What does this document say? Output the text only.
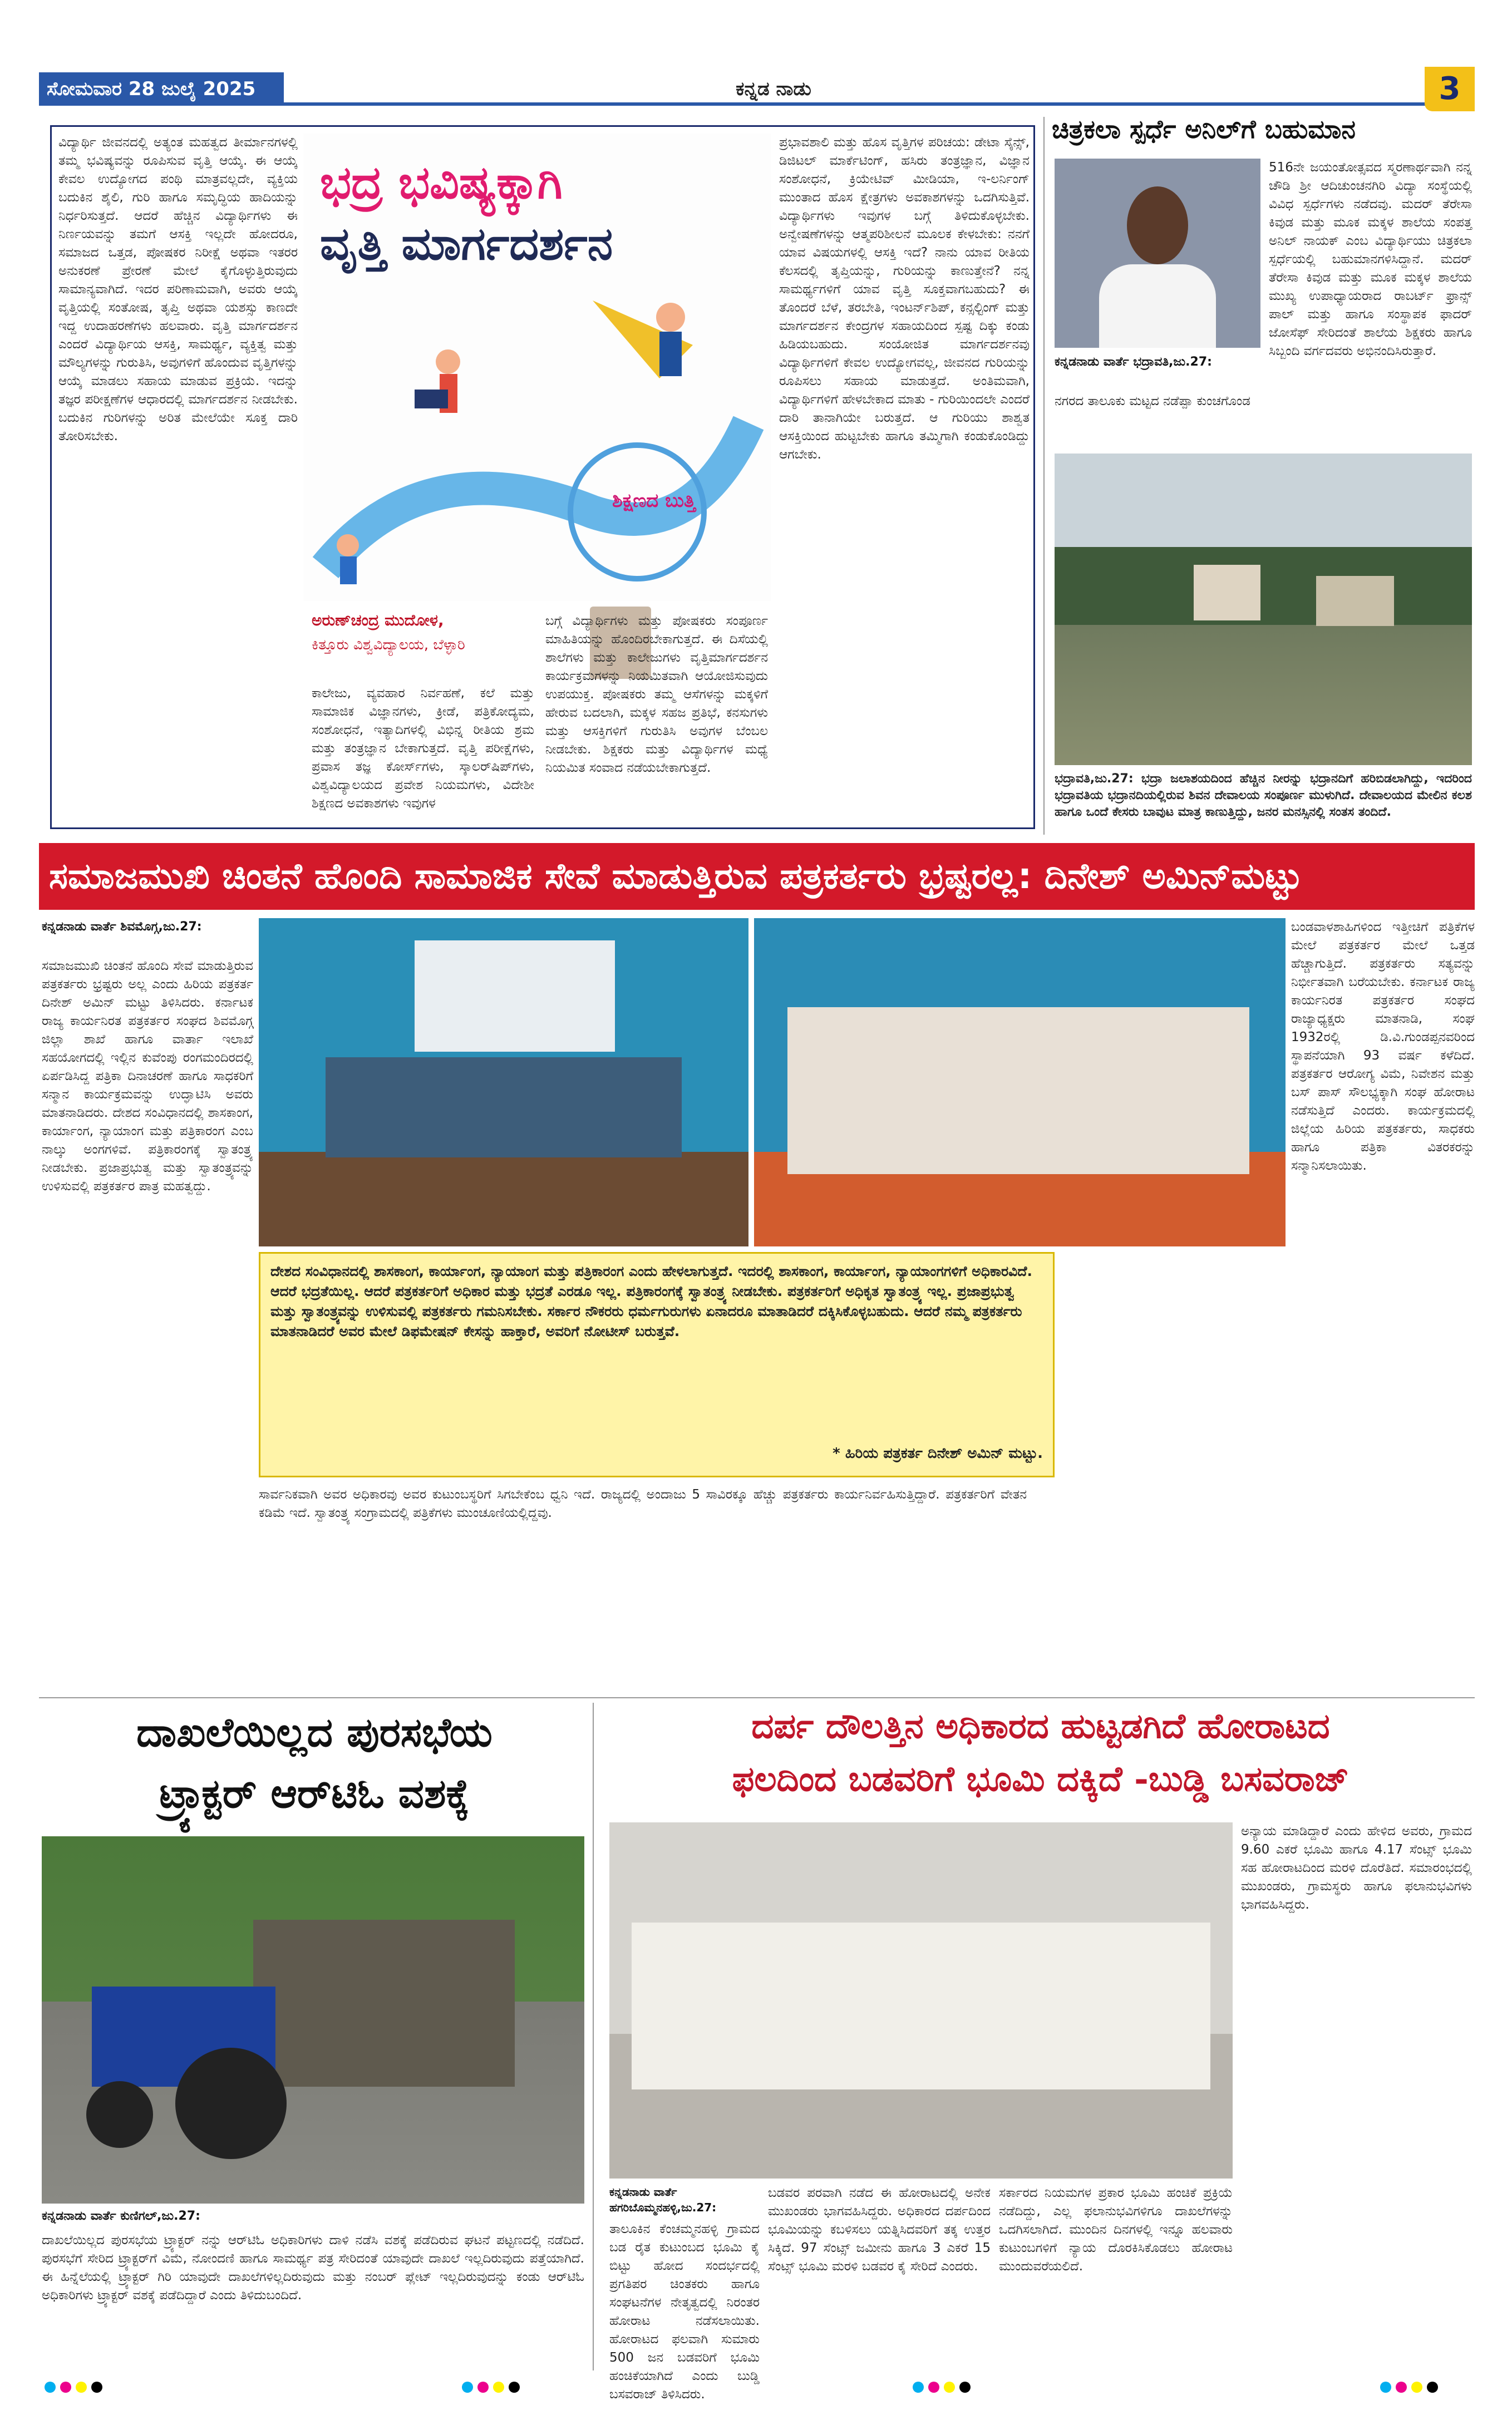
ಸೋಮವಾರ 28 ಜುಲೈ 2025	ಕನ್ನಡ ನಾಡು	3
ವಿದ್ಯಾರ್ಥಿ ಜೀವನದಲ್ಲಿ ಅತ್ಯಂತ ಮಹತ್ವದ ತೀರ್ಮಾನಗಳಲ್ಲಿ ತಮ್ಮ ಭವಿಷ್ಯವನ್ನು ರೂಪಿಸುವ ವೃತ್ತಿ ಆಯ್ಕೆ. ಈ ಆಯ್ಕೆ ಕೇವಲ ಉದ್ಯೋಗದ ಪಂಥಿ ಮಾತ್ರವಲ್ಲದೇ, ವ್ಯಕ್ತಿಯ ಬದುಕಿನ ಶೈಲಿ, ಗುರಿ ಹಾಗೂ ಸಮೃದ್ಧಿಯ ಹಾದಿಯನ್ನು ನಿರ್ಧರಿಸುತ್ತದೆ. ಆದರೆ ಹೆಚ್ಚಿನ ವಿದ್ಯಾರ್ಥಿಗಳು ಈ ನಿರ್ಣಯವನ್ನು ತಮಗೆ ಆಸಕ್ತಿ ಇಲ್ಲದೇ ಹೋದರೂ, ಸಮಾಜದ ಒತ್ತಡ, ಪೋಷಕರ ನಿರೀಕ್ಷೆ ಅಥವಾ ಇತರರ ಅನುಕರಣೆ ಪ್ರೇರಣೆ ಮೇಲೆ ಕೈಗೊಳ್ಳುತ್ತಿರುವುದು ಸಾಮಾನ್ಯವಾಗಿದೆ. ಇದರ ಪರಿಣಾಮವಾಗಿ, ಅವರು ಆಯ್ಕೆ ವೃತ್ತಿಯಲ್ಲಿ ಸಂತೋಷ, ತೃಪ್ತಿ ಅಥವಾ ಯಶಸ್ಸು ಕಾಣದೇ ಇದ್ದ ಉದಾಹರಣೆಗಳು ಹಲವಾರು. ವೃತ್ತಿ ಮಾರ್ಗದರ್ಶನ ಎಂದರೆ ವಿದ್ಯಾರ್ಥಿಯ ಆಸಕ್ತಿ, ಸಾಮರ್ಥ್ಯ, ವ್ಯಕ್ತಿತ್ವ ಮತ್ತು ಮೌಲ್ಯಗಳನ್ನು ಗುರುತಿಸಿ, ಅವುಗಳಿಗೆ ಹೊಂದುವ ವೃತ್ತಿಗಳನ್ನು ಆಯ್ಕೆ ಮಾಡಲು ಸಹಾಯ ಮಾಡುವ ಪ್ರಕ್ರಿಯೆ. ಇದನ್ನು ತಜ್ಞರ ಪರೀಕ್ಷಣೆಗಳ ಆಧಾರದಲ್ಲಿ ಮಾರ್ಗದರ್ಶನ ನೀಡಬೇಕು. ಬದುಕಿನ ಗುರಿಗಳನ್ನು ಅರಿತ ಮೇಲೆಯೇ ಸೂಕ್ತ ದಾರಿ ತೋರಿಸಬೇಕು.
ಭದ್ರ ಭವಿಷ್ಯಕ್ಕಾಗಿ
ವೃತ್ತಿ ಮಾರ್ಗದರ್ಶನ
ಶಿಕ್ಷಣದ ಬುತ್ತಿ
ಅರುಣ್‌ಚಂದ್ರ ಮುದೋಳ,
ಕಿತ್ತೂರು ವಿಶ್ವವಿದ್ಯಾಲಯ, ಬೆಳ್ಳಾರಿ
ಕಾಲೇಜು, ವ್ಯವಹಾರ ನಿರ್ವಹಣೆ, ಕಲೆ ಮತ್ತು ಸಾಮಾಜಿಕ ವಿಜ್ಞಾನಗಳು, ಕ್ರೀಡೆ, ಪತ್ರಿಕೋದ್ಯಮ, ಸಂಶೋಧನೆ, ಇತ್ಯಾದಿಗಳಲ್ಲಿ ವಿಭಿನ್ನ ರೀತಿಯ ಶ್ರಮ ಮತ್ತು ತಂತ್ರಜ್ಞಾನ ಬೇಕಾಗುತ್ತದೆ. ವೃತ್ತಿ ಪರೀಕ್ಷೆಗಳು, ಪ್ರವಾಸ ತಜ್ಞ ಕೋರ್ಸ್‌ಗಳು, ಸ್ಕಾಲರ್‌ಷಿಪ್‌ಗಳು, ವಿಶ್ವವಿದ್ಯಾಲಯದ ಪ್ರವೇಶ ನಿಯಮಗಳು, ವಿದೇಶೀ ಶಿಕ್ಷಣದ ಅವಕಾಶಗಳು ಇವುಗಳ
ಬಗ್ಗೆ ವಿದ್ಯಾರ್ಥಿಗಳು ಮತ್ತು ಪೋಷಕರು ಸಂಪೂರ್ಣ ಮಾಹಿತಿಯನ್ನು ಹೊಂದಿರಬೇಕಾಗುತ್ತದೆ. ಈ ದಿಸೆಯಲ್ಲಿ ಶಾಲೆಗಳು ಮತ್ತು ಕಾಲೇಜುಗಳು ವೃತ್ತಿಮಾರ್ಗದರ್ಶನ ಕಾರ್ಯಕ್ರಮಗಳನ್ನು ನಿಯಮಿತವಾಗಿ ಆಯೋಜಿಸುವುದು ಉಪಯುಕ್ತ. ಪೋಷಕರು ತಮ್ಮ ಆಸೆಗಳನ್ನು ಮಕ್ಕಳಿಗೆ ಹೇರುವ ಬದಲಾಗಿ, ಮಕ್ಕಳ ಸಹಜ ಪ್ರತಿಭೆ, ಕನಸುಗಳು ಮತ್ತು ಆಸಕ್ತಿಗಳಿಗೆ ಗುರುತಿಸಿ ಅವುಗಳ ಬೆಂಬಲ ನೀಡಬೇಕು. ಶಿಕ್ಷಕರು ಮತ್ತು ವಿದ್ಯಾರ್ಥಿಗಳ ಮಧ್ಯೆ ನಿಯಮಿತ ಸಂವಾದ ನಡೆಯಬೇಕಾಗುತ್ತದೆ.
ಪ್ರಭಾವಶಾಲಿ ಮತ್ತು ಹೊಸ ವೃತ್ತಿಗಳ ಪರಿಚಯ: ಡೇಟಾ ಸೈನ್ಸ್, ಡಿಜಿಟಲ್ ಮಾರ್ಕೆಟಿಂಗ್, ಹಸಿರು ತಂತ್ರಜ್ಞಾನ, ವಿಜ್ಞಾನ ಸಂಶೋಧನೆ, ಕ್ರಿಯೇಟಿವ್ ಮೀಡಿಯಾ, ಇ-ಲರ್ನಿಂಗ್ ಮುಂತಾದ ಹೊಸ ಕ್ಷೇತ್ರಗಳು ಅವಕಾಶಗಳನ್ನು ಒದಗಿಸುತ್ತಿವೆ. ವಿದ್ಯಾರ್ಥಿಗಳು ಇವುಗಳ ಬಗ್ಗೆ ತಿಳಿದುಕೊಳ್ಳಬೇಕು. ಅನ್ವೇಷಣೆಗಳನ್ನು ಆತ್ಮಪರಿಶೀಲನೆ ಮೂಲಕ ಕೇಳಬೇಕು: ನನಗೆ ಯಾವ ವಿಷಯಗಳಲ್ಲಿ ಆಸಕ್ತಿ ಇದೆ? ನಾನು ಯಾವ ರೀತಿಯ ಕೆಲಸದಲ್ಲಿ ತೃಪ್ತಿಯನ್ನು, ಗುರಿಯನ್ನು ಕಾಣುತ್ತೇನೆ? ನನ್ನ ಸಾಮರ್ಥ್ಯಗಳಿಗೆ ಯಾವ ವೃತ್ತಿ ಸೂಕ್ತವಾಗಬಹುದು? ಈ ತೊಂದರೆ ಬೆಳೆ, ತರಬೇತಿ, ಇಂಟರ್ನ್‌ಶಿಪ್, ಕನ್ಸಲ್ಟಿಂಗ್ ಮತ್ತು ಮಾರ್ಗದರ್ಶನ ಕೇಂದ್ರಗಳ ಸಹಾಯದಿಂದ ಸ್ಪಷ್ಟ ದಿಕ್ಕು ಕಂಡು ಹಿಡಿಯಬಹುದು. ಸಂಯೋಜಿತ ಮಾರ್ಗದರ್ಶನವು ವಿದ್ಯಾರ್ಥಿಗಳಿಗೆ ಕೇವಲ ಉದ್ಯೋಗವಲ್ಲ, ಜೀವನದ ಗುರಿಯನ್ನು ರೂಪಿಸಲು ಸಹಾಯ ಮಾಡುತ್ತದೆ. ಅಂತಿಮವಾಗಿ, ವಿದ್ಯಾರ್ಥಿಗಳಿಗೆ ಹೇಳಬೇಕಾದ ಮಾತು - ಗುರಿಯಿಂದಲೇ ಎಂದರೆ ದಾರಿ ತಾನಾಗಿಯೇ ಬರುತ್ತದೆ. ಆ ಗುರಿಯು ಶಾಶ್ವತ ಆಸಕ್ತಿಯಿಂದ ಹುಟ್ಟಬೇಕು ಹಾಗೂ ತಮ್ಮಿಗಾಗಿ ಕಂಡುಕೊಂಡಿದ್ದು ಆಗಬೇಕು.
ಚಿತ್ರಕಲಾ ಸ್ಪರ್ಧೆ ಅನಿಲ್‌ಗೆ ಬಹುಮಾನ
ಕನ್ನಡನಾಡು ವಾರ್ತೆ ಭದ್ರಾವತಿ,ಜು.27:
ನಗರದ ತಾಲೂಕು ಮಟ್ಟದ ನಡೆಪ್ಪಾ ಕುಂಚಗೊಂಡ
516ನೇ ಜಯಂತೋತ್ಸವದ ಸ್ಮರಣಾರ್ಥವಾಗಿ ನನ್ನ ಚೌಡಿ ಶ್ರೀ ಆದಿಚುಂಚನಗಿರಿ ವಿದ್ಯಾ ಸಂಸ್ಥೆಯಲ್ಲಿ ವಿವಿಧ ಸ್ಪರ್ಧೆಗಳು ನಡೆದವು. ಮದರ್ ತೆರೇಸಾ ಕಿವುಡ ಮತ್ತು ಮೂಕ ಮಕ್ಕಳ ಶಾಲೆಯ ಸಂಪತ್ತ ಅನಿಲ್ ನಾಯಕ್ ಎಂಬ ವಿದ್ಯಾರ್ಥಿಯು ಚಿತ್ರಕಲಾ ಸ್ಪರ್ಧೆಯಲ್ಲಿ ಬಹುಮಾನಗಳಿಸಿದ್ದಾನೆ. ಮದರ್ ತೆರೇಸಾ ಕಿವುಡ ಮತ್ತು ಮೂಕ ಮಕ್ಕಳ ಶಾಲೆಯ ಮುಖ್ಯ ಉಪಾಧ್ಯಾಯರಾದ ರಾಬರ್ಟ್ ಫ್ರಾನ್ಸ್ ಪಾಲ್ ಮತ್ತು ಹಾಗೂ ಸಂಸ್ಥಾಪಕ ಫಾದರ್ ಜೋಸೆಫ್ ಸೇರಿದಂತೆ ಶಾಲೆಯ ಶಿಕ್ಷಕರು ಹಾಗೂ ಸಿಬ್ಬಂದಿ ವರ್ಗದವರು ಅಭಿನಂದಿಸಿರುತ್ತಾರೆ.
ಭದ್ರಾವತಿ,ಜು.27: ಭದ್ರಾ ಜಲಾಶಯದಿಂದ ಹೆಚ್ಚಿನ ನೀರನ್ನು ಭದ್ರಾನದಿಗೆ ಹರಿಬಿಡಲಾಗಿದ್ದು, ಇದರಿಂದ ಭದ್ರಾವತಿಯ ಭದ್ರಾನದಿಯಲ್ಲಿರುವ ಶಿವನ ದೇವಾಲಯ ಸಂಪೂರ್ಣ ಮುಳುಗಿದೆ. ದೇವಾಲಯದ ಮೇಲಿನ ಕಲಶ ಹಾಗೂ ಒಂದೆ ಕೇಸರು ಬಾವುಟ ಮಾತ್ರ ಕಾಣುತ್ತಿದ್ದು, ಜನರ ಮನಸ್ಸಿನಲ್ಲಿ ಸಂತಸ ತಂದಿದೆ.
ಸಮಾಜಮುಖಿ ಚಿಂತನೆ ಹೊಂದಿ ಸಾಮಾಜಿಕ ಸೇವೆ ಮಾಡುತ್ತಿರುವ ಪತ್ರಕರ್ತರು ಭ್ರಷ್ಟರಲ್ಲ: ದಿನೇಶ್ ಅಮಿನ್‌ಮಟ್ಟು
ಕನ್ನಡನಾಡು ವಾರ್ತೆ ಶಿವಮೊಗ್ಗ,ಜು.27:
ಸಮಾಜಮುಖಿ ಚಿಂತನೆ ಹೊಂದಿ ಸೇವೆ ಮಾಡುತ್ತಿರುವ ಪತ್ರಕರ್ತರು ಭ್ರಷ್ಟರು ಅಲ್ಲ ಎಂದು ಹಿರಿಯ ಪತ್ರಕರ್ತ ದಿನೇಶ್ ಅಮಿನ್ ಮಟ್ಟು ತಿಳಿಸಿದರು. ಕರ್ನಾಟಕ ರಾಜ್ಯ ಕಾರ್ಯನಿರತ ಪತ್ರಕರ್ತರ ಸಂಘದ ಶಿವಮೊಗ್ಗ ಜಿಲ್ಲಾ ಶಾಖೆ ಹಾಗೂ ವಾರ್ತಾ ಇಲಾಖೆ ಸಹಯೋಗದಲ್ಲಿ ಇಲ್ಲಿನ ಕುವೆಂಪು ರಂಗಮಂದಿರದಲ್ಲಿ ಏರ್ಪಡಿಸಿದ್ದ ಪತ್ರಿಕಾ ದಿನಾಚರಣೆ ಹಾಗೂ ಸಾಧಕರಿಗೆ ಸನ್ಮಾನ ಕಾರ್ಯಕ್ರಮವನ್ನು ಉದ್ಘಾಟಿಸಿ ಅವರು ಮಾತನಾಡಿದರು. ದೇಶದ ಸಂವಿಧಾನದಲ್ಲಿ ಶಾಸಕಾಂಗ, ಕಾರ್ಯಾಂಗ, ನ್ಯಾಯಾಂಗ ಮತ್ತು ಪತ್ರಿಕಾರಂಗ ಎಂಬ ನಾಲ್ಕು ಅಂಗಗಳಿವೆ. ಪತ್ರಿಕಾರಂಗಕ್ಕೆ ಸ್ವಾತಂತ್ರ್ಯ ನೀಡಬೇಕು. ಪ್ರಜಾಪ್ರಭುತ್ವ ಮತ್ತು ಸ್ವಾತಂತ್ರ್ಯವನ್ನು ಉಳಿಸುವಲ್ಲಿ ಪತ್ರಕರ್ತರ ಪಾತ್ರ ಮಹತ್ವದ್ದು.
ಬಂಡವಾಳಶಾಹಿಗಳಿಂದ ಇತ್ತೀಚಿಗೆ ಪತ್ರಿಕೆಗಳ ಮೇಲೆ ಪತ್ರಕರ್ತರ ಮೇಲೆ ಒತ್ತಡ ಹೆಚ್ಚಾಗುತ್ತಿದೆ. ಪತ್ರಕರ್ತರು ಸತ್ಯವನ್ನು ನಿರ್ಭೀತವಾಗಿ ಬರೆಯಬೇಕು. ಕರ್ನಾಟಕ ರಾಜ್ಯ ಕಾರ್ಯನಿರತ ಪತ್ರಕರ್ತರ ಸಂಘದ ರಾಜ್ಯಾಧ್ಯಕ್ಷರು ಮಾತನಾಡಿ, ಸಂಘ 1932ರಲ್ಲಿ ಡಿ.ವಿ.ಗುಂಡಪ್ಪನವರಿಂದ ಸ್ಥಾಪನೆಯಾಗಿ 93 ವರ್ಷ ಕಳೆದಿದೆ. ಪತ್ರಕರ್ತರ ಆರೋಗ್ಯ ವಿಮೆ, ನಿವೇಶನ ಮತ್ತು ಬಸ್ ಪಾಸ್ ಸೌಲಭ್ಯಕ್ಕಾಗಿ ಸಂಘ ಹೋರಾಟ ನಡೆಸುತ್ತಿದೆ ಎಂದರು. ಕಾರ್ಯಕ್ರಮದಲ್ಲಿ ಜಿಲ್ಲೆಯ ಹಿರಿಯ ಪತ್ರಕರ್ತರು, ಸಾಧಕರು ಹಾಗೂ ಪತ್ರಿಕಾ ವಿತರಕರನ್ನು ಸನ್ಮಾನಿಸಲಾಯಿತು.
ದೇಶದ ಸಂವಿಧಾನದಲ್ಲಿ ಶಾಸಕಾಂಗ, ಕಾರ್ಯಾಂಗ, ನ್ಯಾಯಾಂಗ ಮತ್ತು ಪತ್ರಿಕಾರಂಗ ಎಂದು ಹೇಳಲಾಗುತ್ತದೆ. ಇದರಲ್ಲಿ ಶಾಸಕಾಂಗ, ಕಾರ್ಯಾಂಗ, ನ್ಯಾಯಾಂಗಗಳಿಗೆ ಅಧಿಕಾರವಿದೆ. ಆದರೆ ಭದ್ರತೆಯಿಲ್ಲ. ಆದರೆ ಪತ್ರಕರ್ತರಿಗೆ ಅಧಿಕಾರ ಮತ್ತು ಭದ್ರತೆ ಎರಡೂ ಇಲ್ಲ. ಪತ್ರಿಕಾರಂಗಕ್ಕೆ ಸ್ವಾತಂತ್ರ್ಯ ನೀಡಬೇಕು. ಪತ್ರಕರ್ತರಿಗೆ ಅಧಿಕೃತ ಸ್ವಾತಂತ್ರ್ಯ ಇಲ್ಲ. ಪ್ರಜಾಪ್ರಭುತ್ವ ಮತ್ತು ಸ್ವಾತಂತ್ರ್ಯವನ್ನು ಉಳಿಸುವಲ್ಲಿ ಪತ್ರಕರ್ತರು ಗಮನಿಸಬೇಕು. ಸರ್ಕಾರ ನೌಕರರು ಧರ್ಮಗುರುಗಳು ಏನಾದರೂ ಮಾತಾಡಿದರೆ ದಕ್ಕಿಸಿಕೊಳ್ಳಬಹುದು. ಆದರೆ ನಮ್ಮ ಪತ್ರಕರ್ತರು ಮಾತನಾಡಿದರೆ ಅವರ ಮೇಲೆ ಡಿಫಮೇಷನ್ ಕೇಸನ್ನು ಹಾಕ್ತಾರೆ, ಅವರಿಗೆ ನೋಟೀಸ್ ಬರುತ್ತವೆ.
* ಹಿರಿಯ ಪತ್ರಕರ್ತ ದಿನೇಶ್ ಅಮಿನ್ ಮಟ್ಟು.
ಸಾರ್ವನಿಕವಾಗಿ ಅವರ ಅಧಿಕಾರವು ಅವರ ಕುಟುಂಬಸ್ಥರಿಗೆ ಸಿಗಬೇಕೆಂಬ ಧ್ವನಿ ಇದೆ. ರಾಜ್ಯದಲ್ಲಿ ಅಂದಾಜು 5 ಸಾವಿರಕ್ಕೂ ಹೆಚ್ಚು ಪತ್ರಕರ್ತರು ಕಾರ್ಯನಿರ್ವಹಿಸುತ್ತಿದ್ದಾರೆ. ಪತ್ರಕರ್ತರಿಗೆ ವೇತನ ಕಡಿಮೆ ಇದೆ. ಸ್ವಾತಂತ್ರ್ಯ ಸಂಗ್ರಾಮದಲ್ಲಿ ಪತ್ರಿಕೆಗಳು ಮುಂಚೂಣಿಯಲ್ಲಿದ್ದವು.
ದಾಖಲೆಯಿಲ್ಲದ ಪುರಸಭೆಯ
ಟ್ರ್ಯಾಕ್ಟರ್ ಆರ್‌ಟಿಓ ವಶಕ್ಕೆ
ಕನ್ನಡನಾಡು ವಾರ್ತೆ ಕುಣಿಗಲ್,ಜು.27:
ದಾಖಲೆಯಿಲ್ಲದ ಪುರಸಭೆಯ ಟ್ರ್ಯಾಕ್ಟರ್ ನನ್ನು ಆರ್‌ಟಿಓ ಅಧಿಕಾರಿಗಳು ದಾಳಿ ನಡೆಸಿ ವಶಕ್ಕೆ ಪಡೆದಿರುವ ಘಟನೆ ಪಟ್ಟಣದಲ್ಲಿ ನಡೆದಿದೆ. ಪುರಸಭೆಗೆ ಸೇರಿದ ಟ್ರ್ಯಾಕ್ಟರ್‌ಗೆ ವಿಮೆ, ನೋಂದಣಿ ಹಾಗೂ ಸಾಮರ್ಥ್ಯ ಪತ್ರ ಸೇರಿದಂತೆ ಯಾವುದೇ ದಾಖಲೆ ಇಲ್ಲದಿರುವುದು ಪತ್ತೆಯಾಗಿದೆ. ಈ ಹಿನ್ನೆಲೆಯಲ್ಲಿ ಟ್ರ್ಯಾಕ್ಟರ್ ಗಿರಿ ಯಾವುದೇ ದಾಖಲೆಗಳಿಲ್ಲದಿರುವುದು ಮತ್ತು ನಂಬರ್ ಪ್ಲೇಟ್ ಇಲ್ಲದಿರುವುದನ್ನು ಕಂಡು ಆರ್‌ಟಿಓ ಅಧಿಕಾರಿಗಳು ಟ್ರ್ಯಾಕ್ಟರ್ ವಶಕ್ಕೆ ಪಡೆದಿದ್ದಾರೆ ಎಂದು ತಿಳಿದುಬಂದಿದೆ.
ದರ್ಪ ದೌಲತ್ತಿನ ಅಧಿಕಾರದ ಹುಟ್ಟಡಗಿದೆ ಹೋರಾಟದ
ಫಲದಿಂದ ಬಡವರಿಗೆ ಭೂಮಿ ದಕ್ಕಿದೆ -ಬುಡ್ಡಿ ಬಸವರಾಜ್
ಕನ್ನಡನಾಡು ವಾರ್ತೆ ಹಗರಿಬೊಮ್ಮನಹಳ್ಳಿ,ಜು.27:
ತಾಲೂಕಿನ ಕೆಂಚಮ್ಮನಹಳ್ಳಿ ಗ್ರಾಮದ ಬಡ ರೈತ ಕುಟುಂಬದ ಭೂಮಿ ಕೈ ಬಿಟ್ಟು ಹೋದ ಸಂದರ್ಭದಲ್ಲಿ ಪ್ರಗತಿಪರ ಚಿಂತಕರು ಹಾಗೂ ಸಂಘಟನೆಗಳ ನೇತೃತ್ವದಲ್ಲಿ ನಿರಂತರ ಹೋರಾಟ ನಡೆಸಲಾಯಿತು. ಹೋರಾಟದ ಫಲವಾಗಿ ಸುಮಾರು 500 ಜನ ಬಡವರಿಗೆ ಭೂಮಿ ಹಂಚಿಕೆಯಾಗಿದೆ ಎಂದು ಬುಡ್ಡಿ ಬಸವರಾಜ್ ತಿಳಿಸಿದರು.
ಬಡವರ ಪರವಾಗಿ ನಡೆದ ಈ ಹೋರಾಟದಲ್ಲಿ ಅನೇಕ ಮುಖಂಡರು ಭಾಗವಹಿಸಿದ್ದರು. ಅಧಿಕಾರದ ದರ್ಪದಿಂದ ಭೂಮಿಯನ್ನು ಕಬಳಿಸಲು ಯತ್ನಿಸಿದವರಿಗೆ ತಕ್ಕ ಉತ್ತರ ಸಿಕ್ಕಿದೆ. 97 ಸೆಂಟ್ಸ್ ಜಮೀನು ಹಾಗೂ 3 ಎಕರೆ 15 ಸೆಂಟ್ಸ್ ಭೂಮಿ ಮರಳಿ ಬಡವರ ಕೈ ಸೇರಿದೆ ಎಂದರು.
ಸರ್ಕಾರದ ನಿಯಮಗಳ ಪ್ರಕಾರ ಭೂಮಿ ಹಂಚಿಕೆ ಪ್ರಕ್ರಿಯೆ ನಡೆದಿದ್ದು, ಎಲ್ಲ ಫಲಾನುಭವಿಗಳಿಗೂ ದಾಖಲೆಗಳನ್ನು ಒದಗಿಸಲಾಗಿದೆ. ಮುಂದಿನ ದಿನಗಳಲ್ಲಿ ಇನ್ನೂ ಹಲವಾರು ಕುಟುಂಬಗಳಿಗೆ ನ್ಯಾಯ ದೊರಕಿಸಿಕೊಡಲು ಹೋರಾಟ ಮುಂದುವರೆಯಲಿದೆ.
ಅನ್ಯಾಯ ಮಾಡಿದ್ದಾರೆ ಎಂದು ಹೇಳಿದ ಅವರು, ಗ್ರಾಮದ 9.60 ಎಕರೆ ಭೂಮಿ ಹಾಗೂ 4.17 ಸೆಂಟ್ಸ್ ಭೂಮಿ ಸಹ ಹೋರಾಟದಿಂದ ಮರಳಿ ದೊರೆತಿದೆ. ಸಮಾರಂಭದಲ್ಲಿ ಮುಖಂಡರು, ಗ್ರಾಮಸ್ಥರು ಹಾಗೂ ಫಲಾನುಭವಿಗಳು ಭಾಗವಹಿಸಿದ್ದರು.
